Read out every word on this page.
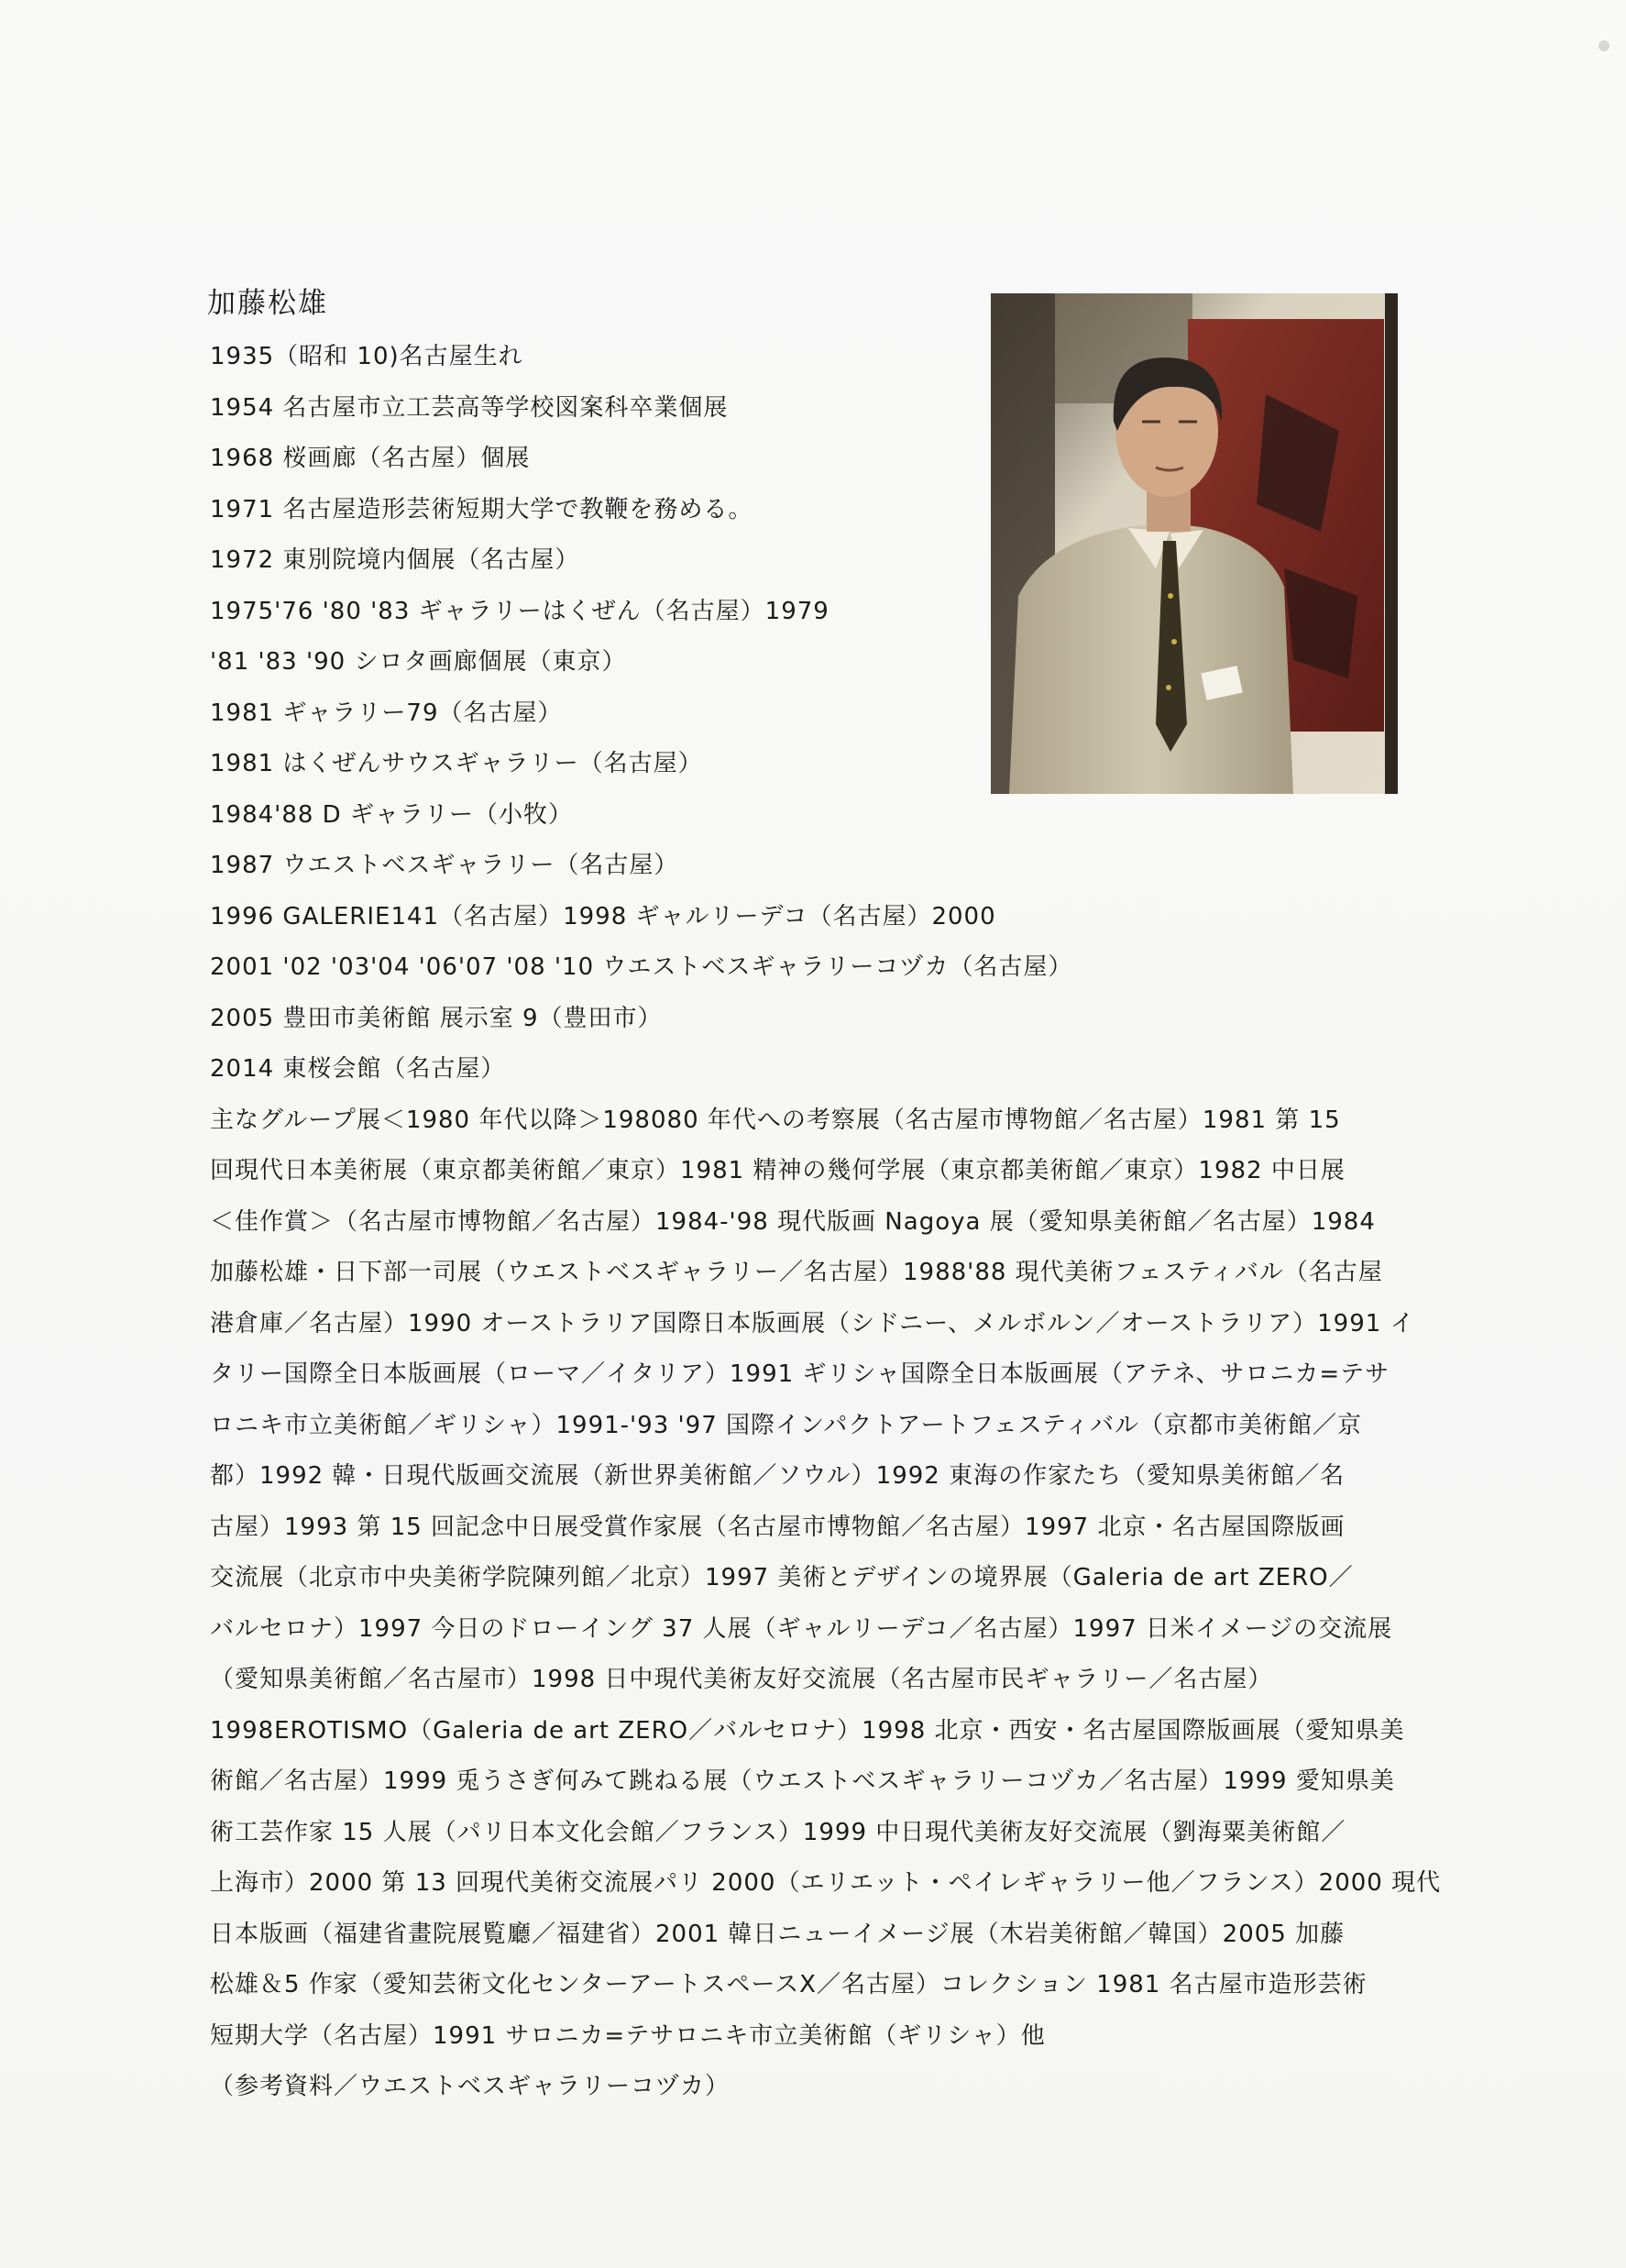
加藤松雄
1935（昭和 10)名古屋生れ
1954 名古屋市立工芸高等学校図案科卒業個展
1968 桜画廊（名古屋）個展
1971 名古屋造形芸術短期大学で教鞭を務める。
1972 東別院境内個展（名古屋）
1975'76 '80 '83 ギャラリーはくぜん（名古屋）1979
'81 '83 '90 シロタ画廊個展（東京）
1981 ギャラリー79（名古屋）
1981 はくぜんサウスギャラリー（名古屋）
1984'88 D ギャラリー（小牧）
1987 ウエストベスギャラリー（名古屋）
1996 GALERIE141（名古屋）1998 ギャルリーデコ（名古屋）2000
2001 '02 '03'04 '06'07 '08 '10 ウエストベスギャラリーコヅカ（名古屋）
2005 豊田市美術館 展示室 9（豊田市）
2014 東桜会館（名古屋）
主なグループ展＜1980 年代以降＞198080 年代への考察展（名古屋市博物館／名古屋）1981 第 15
回現代日本美術展（東京都美術館／東京）1981 精神の幾何学展（東京都美術館／東京）1982 中日展
＜佳作賞＞（名古屋市博物館／名古屋）1984-'98 現代版画 Nagoya 展（愛知県美術館／名古屋）1984
加藤松雄・日下部一司展（ウエストベスギャラリー／名古屋）1988'88 現代美術フェスティバル（名古屋
港倉庫／名古屋）1990 オーストラリア国際日本版画展（シドニー、メルボルン／オーストラリア）1991 イ
タリー国際全日本版画展（ローマ／イタリア）1991 ギリシャ国際全日本版画展（アテネ、サロニカ=テサ
ロニキ市立美術館／ギリシャ）1991-'93 '97 国際インパクトアートフェスティバル（京都市美術館／京
都）1992 韓・日現代版画交流展（新世界美術館／ソウル）1992 東海の作家たち（愛知県美術館／名
古屋）1993 第 15 回記念中日展受賞作家展（名古屋市博物館／名古屋）1997 北京・名古屋国際版画
交流展（北京市中央美術学院陳列館／北京）1997 美術とデザインの境界展（Galeria de art ZERO／
バルセロナ）1997 今日のドローイング 37 人展（ギャルリーデコ／名古屋）1997 日米イメージの交流展
（愛知県美術館／名古屋市）1998 日中現代美術友好交流展（名古屋市民ギャラリー／名古屋）
1998EROTISMO（Galeria de art ZERO／バルセロナ）1998 北京・西安・名古屋国際版画展（愛知県美
術館／名古屋）1999 兎うさぎ何みて跳ねる展（ウエストベスギャラリーコヅカ／名古屋）1999 愛知県美
術工芸作家 15 人展（パリ日本文化会館／フランス）1999 中日現代美術友好交流展（劉海粟美術館／
上海市）2000 第 13 回現代美術交流展パリ 2000（エリエット・ペイレギャラリー他／フランス）2000 現代
日本版画（福建省畫院展覧廳／福建省）2001 韓日ニューイメージ展（木岩美術館／韓国）2005 加藤
松雄＆5 作家（愛知芸術文化センターアートスペースX／名古屋）コレクション 1981 名古屋市造形芸術
短期大学（名古屋）1991 サロニカ=テサロニキ市立美術館（ギリシャ）他
（参考資料／ウエストベスギャラリーコヅカ）
